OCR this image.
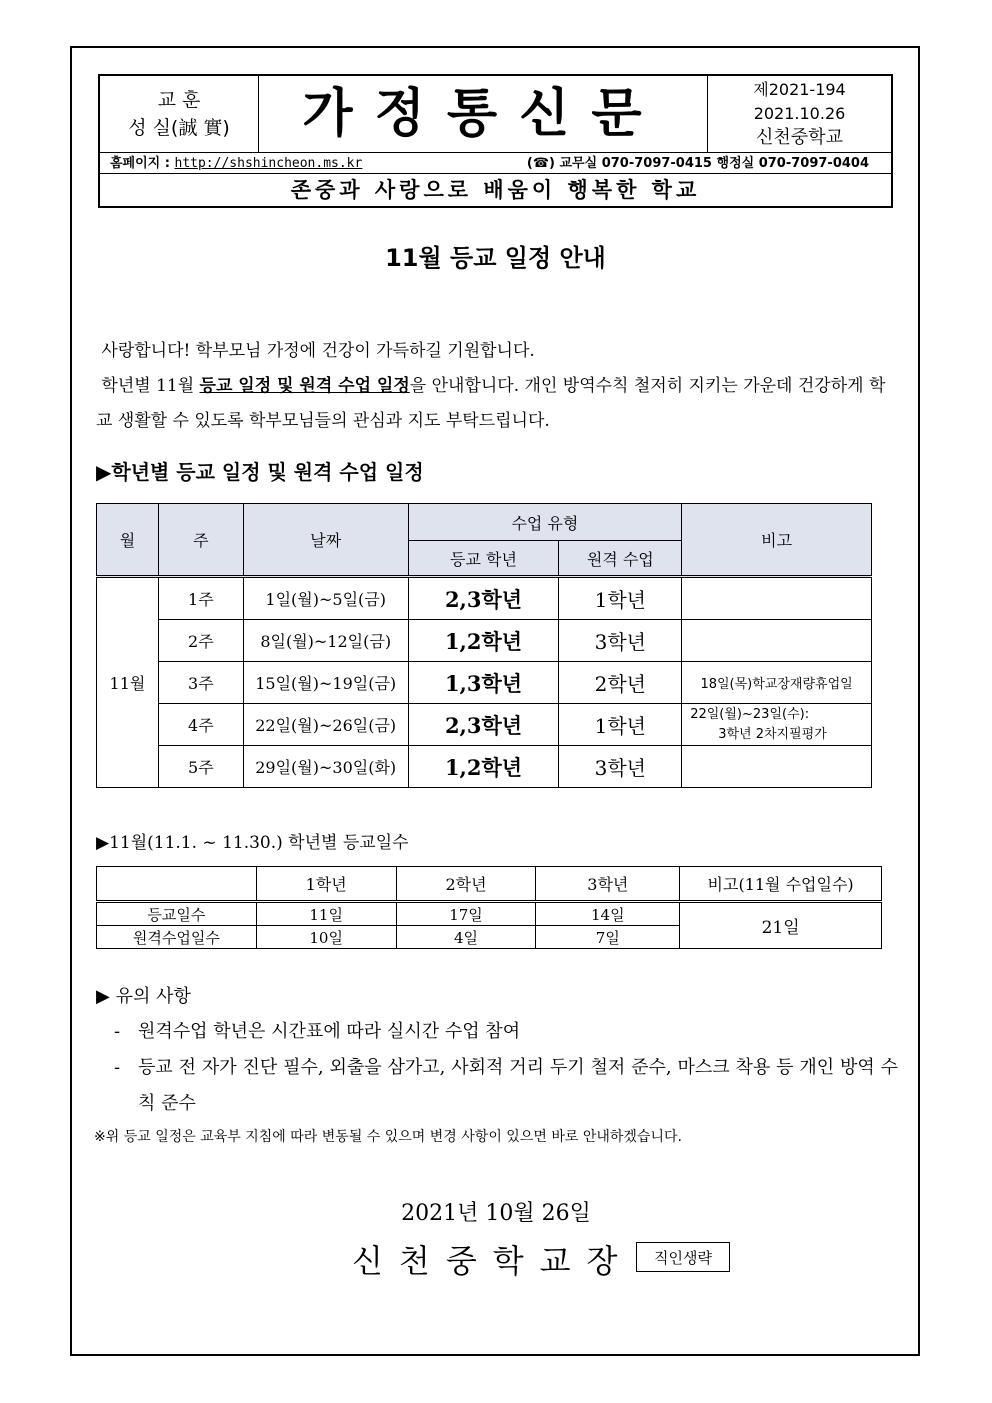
교 훈
성 실(誠 實)	가정통신문	제2021-194
2021.10.26
신천중학교
홈페이지 : http://shshincheon.ms.kr	(☎) 교무실 070-7097-0415 행정실 070-7097-0404
존중과 사랑으로 배움이 행복한 학교
11월 등교 일정 안내

사랑합니다! 학부모님 가정에 건강이 가득하길 기원합니다.

학년별 11월 등교 일정 및 원격 수업 일정을 안내합니다. 개인 방역수칙 철저히 지키는 가운데 건강하게 학교 생활할 수 있도록 학부모님들의 관심과 지도 부탁드립니다.

▶학년별 등교 일정 및 원격 수업 일정
월	주	날짜	수업 유형		비고
			등교 학년	원격 수업	
11월	1주	1일(월)~5일(금)	2,3학년	1학년	
	2주	8일(월)~12일(금)	1,2학년	3학년	
	3주	15일(월)~19일(금)	1,3학년	2학년	18일(목)학교장재량휴업일
	4주	22일(월)~26일(금)	2,3학년	1학년	22일(월)~23일(수):
3학년 2차지필평가

	5주	29일(월)~30일(화)	1,2학년	3학년	
▶11월(11.1. ~ 11.30.) 학년별 등교일수
	1학년	2학년	3학년	비고(11월 수업일수)
등교일수	11일	17일	14일	21일
원격수업일수	10일	4일	7일	
▶ 유의 사항
- 원격수업 학년은 시간표에 따라 실시간 수업 참여
- 등교 전 자가 진단 필수, 외출을 삼가고, 사회적 거리 두기 철저 준수, 마스크 착용 등 개인 방역 수칙 준수
※위 등교 일정은 교육부 지침에 따라 변동될 수 있으며 변경 사항이 있으면 바로 안내하겠습니다.
2021년 10월 26일
신천중학교장	직인생략
